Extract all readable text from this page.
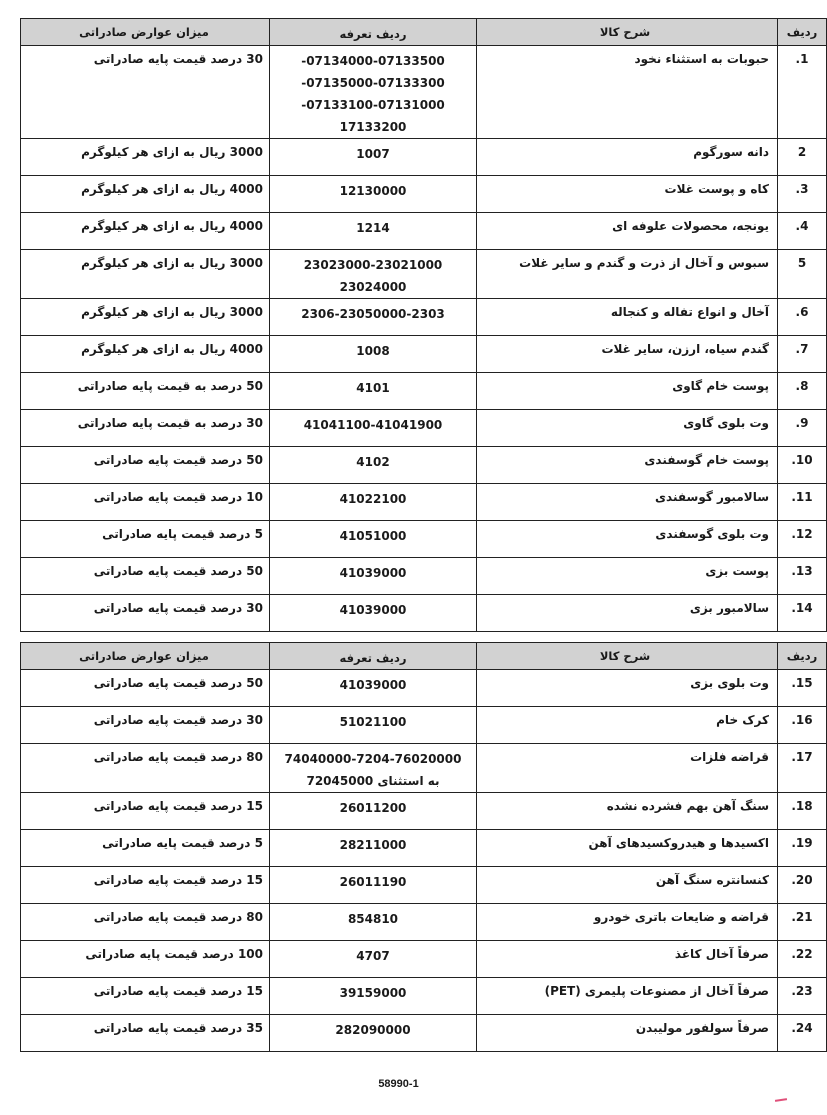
ردیف	شرح کالا	ردیف تعرفه	میزان عوارض صادراتی
1.	حبوبات به استثناء نخود	-07134000-07133500
-07135000-07133300
-07133100-07131000
17133200	30 درصد قیمت پایه صادراتی
2	دانه سورگوم	1007	3000 ریال به ازای هر کیلوگرم
3.	کاه و پوست غلات	12130000	4000 ریال به ازای هر کیلوگرم
4.	یونجه، محصولات علوفه ای	1214	4000 ریال به ازای هر کیلوگرم
5	سبوس و آخال از ذرت و گندم و سایر غلات	23023000-23021000
23024000	3000 ریال به ازای هر کیلوگرم
6.	آخال و انواع تفاله و کنجاله	2306-23050000-2303	3000 ریال به ازای هر کیلوگرم
7.	گندم سیاه، ارزن، سایر غلات	1008	4000 ریال به ازای هر کیلوگرم
8.	پوست خام گاوی	4101	50 درصد به قیمت پایه صادراتی
9.	وت بلوی گاوی	41041100-41041900	30 درصد به قیمت پایه صادراتی
10.	پوست خام گوسفندی	4102	50 درصد قیمت پایه صادراتی
11.	سالامبور گوسفندی	41022100	10 درصد قیمت پایه صادراتی
12.	وت بلوی گوسفندی	41051000	5 درصد قیمت پایه صادراتی
13.	پوست بزی	41039000	50 درصد قیمت پایه صادراتی
14.	سالامبور بزی	41039000	30 درصد قیمت پایه صادراتی
ردیف	شرح کالا	ردیف تعرفه	میزان عوارض صادراتی
15.	وت بلوی بزی	41039000	50 درصد قیمت پایه صادراتی
16.	کرک خام	51021100	30 درصد قیمت پایه صادراتی
17.	قراضه فلزات	74040000-7204-76020000
به استثنای 72045000	80 درصد قیمت پایه صادراتی
18.	سنگ آهن بهم فشرده نشده	26011200	15 درصد قیمت پایه صادراتی
19.	اکسیدها و هیدروکسیدهای آهن	28211000	5 درصد قیمت پایه صادراتی
20.	کنسانتره سنگ آهن	26011190	15 درصد قیمت پایه صادراتی
21.	قراضه و ضایعات باتری خودرو	854810	80 درصد قیمت پایه صادراتی
22.	صرفاً آخال کاغذ	4707	100 درصد قیمت پایه صادراتی
23.	صرفاً آخال از مصنوعات پلیمری (PET)	39159000	15 درصد قیمت پایه صادراتی
24.	صرفاً سولفور مولیبدن	282090000	35 درصد قیمت پایه صادراتی
58990-1
